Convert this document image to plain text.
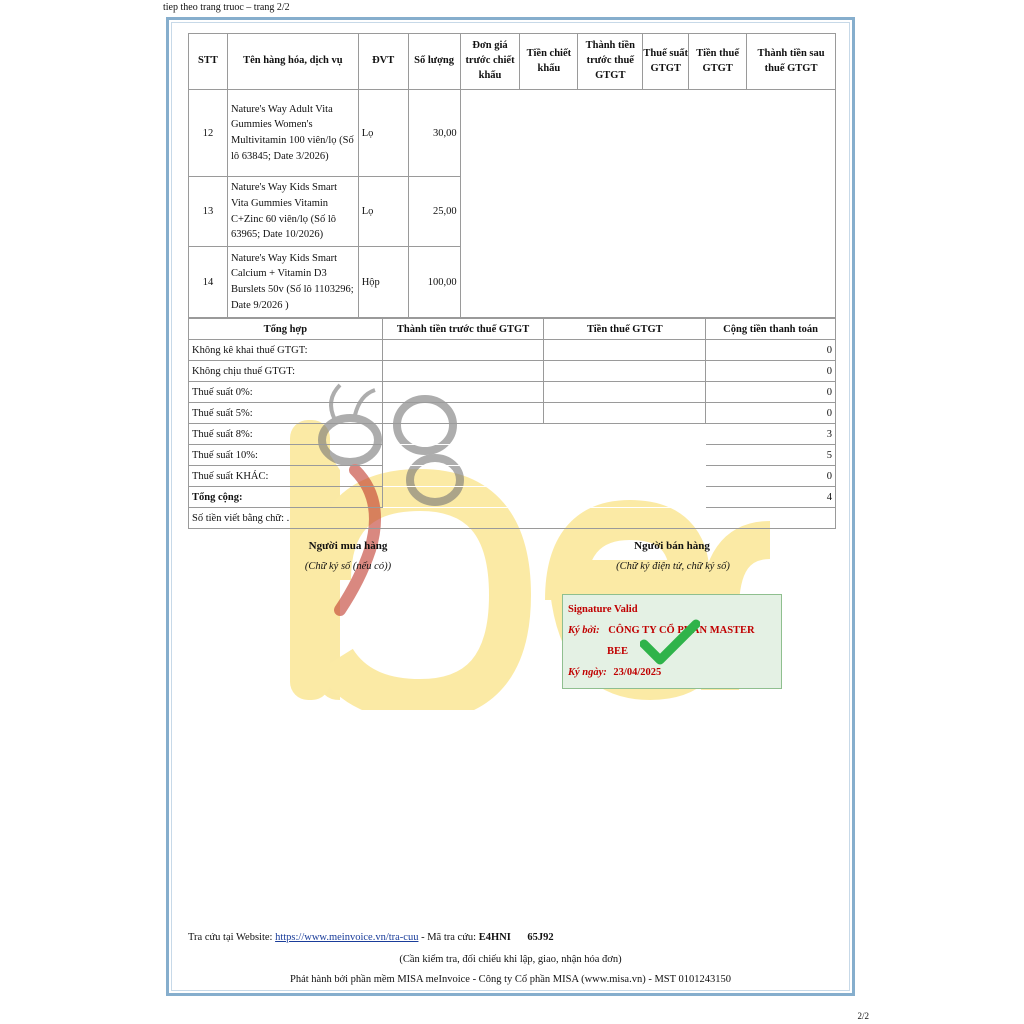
tiep theo trang truoc – trang 2/2
STT	Tên hàng hóa, dịch vụ	ĐVT	Số lượng	Đơn giá trước chiết khấu	Tiền chiết khấu	Thành tiền trước thuế GTGT	Thuế suất GTGT	Tiền thuế GTGT	Thành tiền sau thuế GTGT
12	Nature's Way Adult Vita Gummies Women's Multivitamin 100 viên/lọ (Số lô 63845; Date 3/2026)	Lọ	30,00						
13	Nature's Way Kids Smart Vita Gummies Vitamin C+Zinc 60 viên/lọ (Số lô 63965; Date 10/2026)	Lọ	25,00						
14	Nature's Way Kids Smart Calcium + Vitamin D3 Burslets 50v (Số lô 1103296; Date 9/2026 )	Hộp	100,00						
Tổng hợp	Thành tiền trước thuế GTGT	Tiền thuế GTGT	Cộng tiền thanh toán
Không kê khai thuế GTGT:			0
Không chịu thuế GTGT:			0
Thuế suất 0%:			0
Thuế suất 5%:			0
Thuế suất 8%:			3
Thuế suất 10%:			5
Thuế suất KHÁC:			0
Tổng cộng:			4
Số tiền viết bằng chữ: .			
Người mua hàng
(Chữ ký số (nếu có))
Người bán hàng
(Chữ ký điện tử, chữ ký số)
Signature Valid
Ký bởi: CÔNG TY CỔ PHẦN MASTER
BEE
Ký ngày: 23/04/2025
Tra cứu tại Website: https://www.meinvoice.vn/tra-cuu - Mã tra cứu: E4HNI 65J92
(Cần kiểm tra, đối chiếu khi lập, giao, nhận hóa đơn)
Phát hành bởi phần mềm MISA meInvoice - Công ty Cổ phần MISA (www.misa.vn) - MST 0101243150
2/2
